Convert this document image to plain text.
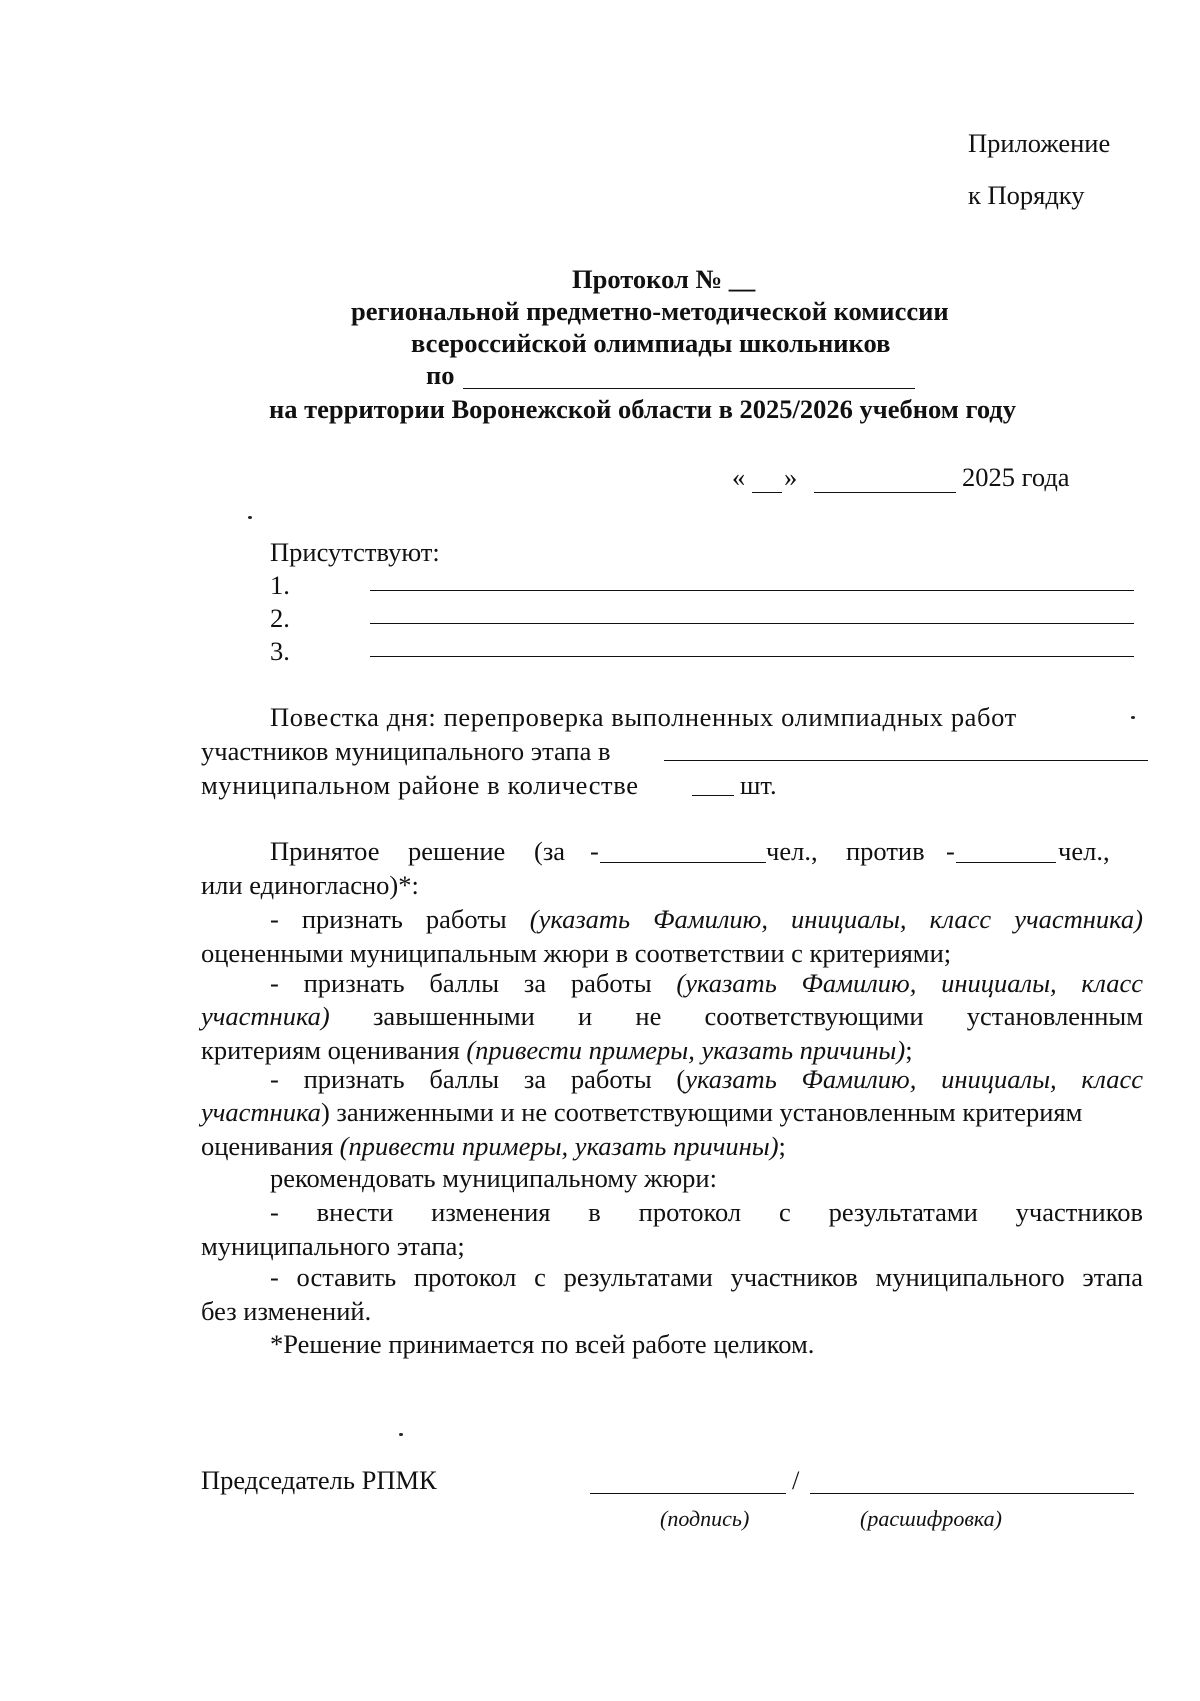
Приложение
к Порядку
Протокол № __
региональной предметно-методической комиссии
всероссийской олимпиады школьников
по
на территории Воронежской области в 2025/2026 учебном году
« »	2025 года
Присутствуют:
1.
2.
3.
Повестка дня: перепроверка выполненных олимпиадных работ
участников муниципального этапа в
муниципальном районе в количестве	шт.
Принятое решение (за -	чел., против -	чел.,
или единогласно)*:
- признать работы (указать Фамилию, инициалы, класс участника)
оцененными муниципальным жюри в соответствии с критериями;
- признать баллы за работы (указать Фамилию, инициалы, класс
участника) завышенными и не соответствующими установленным
критериям оценивания (привести примеры, указать причины);
- признать баллы за работы (указать Фамилию, инициалы, класс
участника) заниженными и не соответствующими установленным критериям
оценивания (привести примеры, указать причины);
рекомендовать муниципальному жюри:
- внести изменения в протокол с результатами участников
муниципального этапа;
- оставить протокол с результатами участников муниципального этапа
без изменений.
*Решение принимается по всей работе целиком.
Председатель РПМК	/
(подпись)	(расшифровка)
